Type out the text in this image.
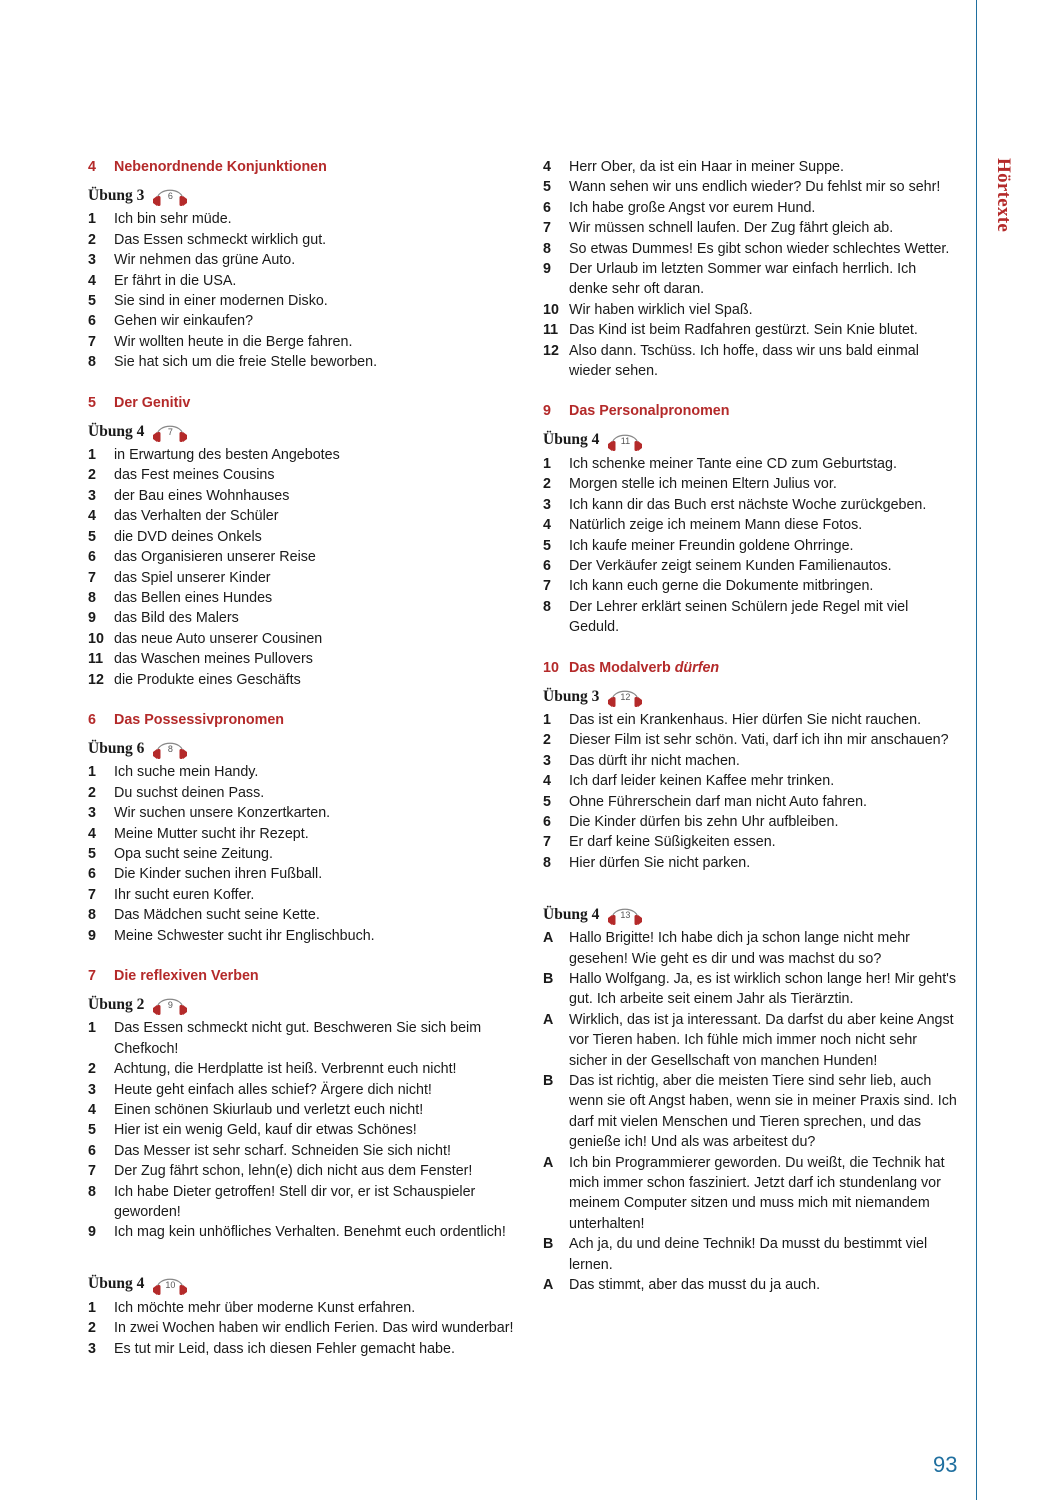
Hörtexte
93
4	Nebenordnende Konjunktionen
Übung 3	6
1	Ich bin sehr müde.
2	Das Essen schmeckt wirklich gut.
3	Wir nehmen das grüne Auto.
4	Er fährt in die USA.
5	Sie sind in einer modernen Disko.
6	Gehen wir einkaufen?
7	Wir wollten heute in die Berge fahren.
8	Sie hat sich um die freie Stelle beworben.
5	Der Genitiv
Übung 4	7
1	in Erwartung des besten Angebotes
2	das Fest meines Cousins
3	der Bau eines Wohnhauses
4	das Verhalten der Schüler
5	die DVD deines Onkels
6	das Organisieren unserer Reise
7	das Spiel unserer Kinder
8	das Bellen eines Hundes
9	das Bild des Malers
10 das neue Auto unserer Cousinen
11 das Waschen meines Pullovers
12 die Produkte eines Geschäfts
6	Das Possessivpronomen
Übung 6	8
1	Ich suche mein Handy.
2	Du suchst deinen Pass.
3	Wir suchen unsere Konzertkarten.
4	Meine Mutter sucht ihr Rezept.
5	Opa sucht seine Zeitung.
6	Die Kinder suchen ihren Fußball.
7	Ihr sucht euren Koffer.
8	Das Mädchen sucht seine Kette.
9	Meine Schwester sucht ihr Englischbuch.
7	Die reflexiven Verben
Übung 2	9
1	Das Essen schmeckt nicht gut. Beschweren Sie sich beim Chefkoch!
2	Achtung, die Herdplatte ist heiß. Verbrennt euch nicht!
3	Heute geht einfach alles schief? Ärgere dich nicht!
4	Einen schönen Skiurlaub und verletzt euch nicht!
5	Hier ist ein wenig Geld, kauf dir etwas Schönes!
6	Das Messer ist sehr scharf. Schneiden Sie sich nicht!
7	Der Zug fährt schon, lehn(e) dich nicht aus dem Fenster!
8	Ich habe Dieter getroffen! Stell dir vor, er ist Schauspieler geworden!
9	Ich mag kein unhöfliches Verhalten. Benehmt euch ordentlich!
Übung 4	10
1	Ich möchte mehr über moderne Kunst erfahren.
2	In zwei Wochen haben wir endlich Ferien. Das wird wunderbar!
3	Es tut mir Leid, dass ich diesen Fehler gemacht habe.
4	Herr Ober, da ist ein Haar in meiner Suppe.
5	Wann sehen wir uns endlich wieder? Du fehlst mir so sehr!
6	Ich habe große Angst vor eurem Hund.
7	Wir müssen schnell laufen. Der Zug fährt gleich ab.
8	So etwas Dummes! Es gibt schon wieder schlechtes Wetter.
9	Der Urlaub im letzten Sommer war einfach herrlich. Ich denke sehr oft daran.
10 Wir haben wirklich viel Spaß.
11 Das Kind ist beim Radfahren gestürzt. Sein Knie blutet.
12 Also dann. Tschüss. Ich hoffe, dass wir uns bald einmal wieder sehen.
9	Das Personalpronomen
Übung 4	11
1	Ich schenke meiner Tante eine CD zum Geburtstag.
2	Morgen stelle ich meinen Eltern Julius vor.
3	Ich kann dir das Buch erst nächste Woche zurückgeben.
4	Natürlich zeige ich meinem Mann diese Fotos.
5	Ich kaufe meiner Freundin goldene Ohrringe.
6	Der Verkäufer zeigt seinem Kunden Familienautos.
7	Ich kann euch gerne die Dokumente mitbringen.
8	Der Lehrer erklärt seinen Schülern jede Regel mit viel Geduld.
10 Das Modalverb dürfen
Übung 3	12
1	Das ist ein Krankenhaus. Hier dürfen Sie nicht rauchen.
2	Dieser Film ist sehr schön. Vati, darf ich ihn mir anschauen?
3	Das dürft ihr nicht machen.
4	Ich darf leider keinen Kaffee mehr trinken.
5	Ohne Führerschein darf man nicht Auto fahren.
6	Die Kinder dürfen bis zehn Uhr aufbleiben.
7	Er darf keine Süßigkeiten essen.
8	Hier dürfen Sie nicht parken.
Übung 4	13
A	Hallo Brigitte! Ich habe dich ja schon lange nicht mehr gesehen! Wie geht es dir und was machst du so?
B	Hallo Wolfgang. Ja, es ist wirklich schon lange her! Mir geht's gut. Ich arbeite seit einem Jahr als Tierärztin.
A	Wirklich, das ist ja interessant. Da darfst du aber keine Angst vor Tieren haben. Ich fühle mich immer noch nicht sehr sicher in der Gesellschaft von manchen Hunden!
B	Das ist richtig, aber die meisten Tiere sind sehr lieb, auch wenn sie oft Angst haben, wenn sie in meiner Praxis sind. Ich darf mit vielen Menschen und Tieren sprechen, und das genieße ich! Und als was arbeitest du?
A	Ich bin Programmierer geworden. Du weißt, die Technik hat mich immer schon fasziniert. Jetzt darf ich stundenlang vor meinem Computer sitzen und muss mich mit niemandem unterhalten!
B	Ach ja, du und deine Technik! Da musst du bestimmt viel lernen.
A	Das stimmt, aber das musst du ja auch.
